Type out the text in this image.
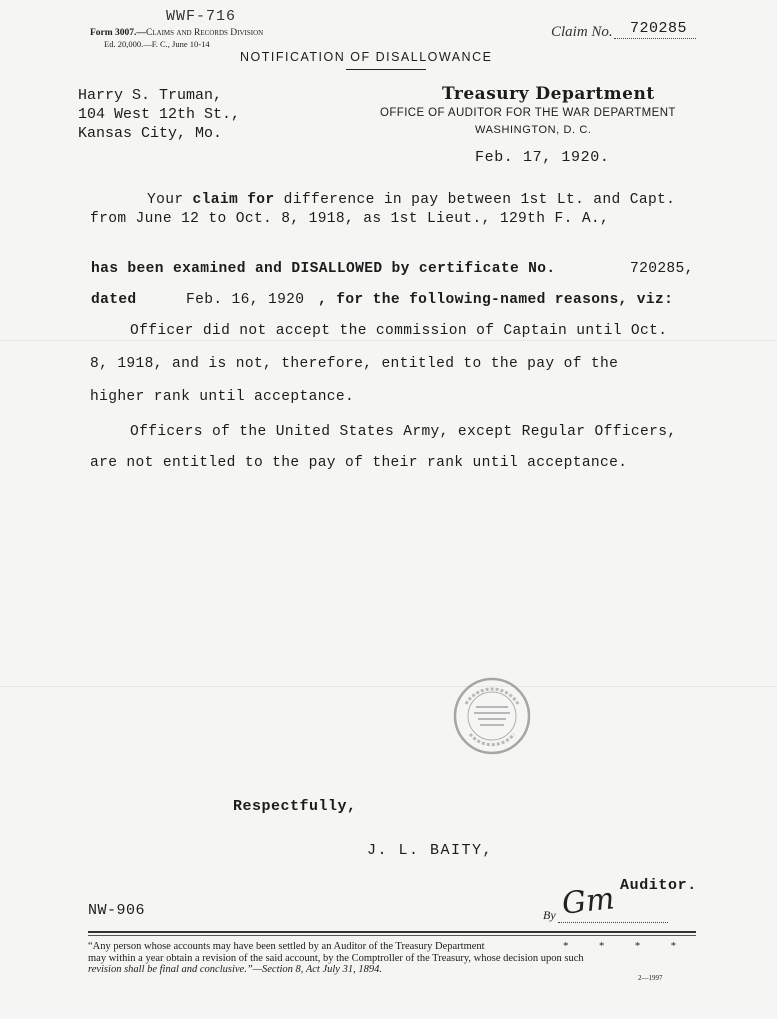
WWF-716
Form 3007.—Claims and Records Division
Ed. 20,000.—F. C., June 10-14
Claim No. 720285
NOTIFICATION OF DISALLOWANCE
Harry S. Truman,
104 West 12th St.,
Kansas City, Mo.
Treasury Department
OFFICE OF AUDITOR FOR THE WAR DEPARTMENT
WASHINGTON, D. C.
Feb. 17, 1920.
Your claim for difference in pay between 1st Lt. and Capt.
from June 12 to Oct. 8, 1918, as 1st Lieut., 129th F. A.,
has been examined and DISALLOWED by certificate No.	720285,
dated	Feb. 16, 1920 , for the following-named reasons, viz:
Officer did not accept the commission of Captain until Oct.
8, 1918, and is not, therefore, entitled to the pay of the
higher rank until acceptance.
Officers of the United States Army, except Regular Officers,
are not entitled to the pay of their rank until acceptance.
Respectfully,
J. L. BAITY,
Auditor.
NW-906	By Gm
“Any person whose accounts may have been settled by an Auditor of the Treasury Department	* * * *
may within a year obtain a revision of the said account, by the Comptroller of the Treasury, whose decision upon such
revision shall be final and conclusive.”—Section 8, Act July 31, 1894.
2—1997
